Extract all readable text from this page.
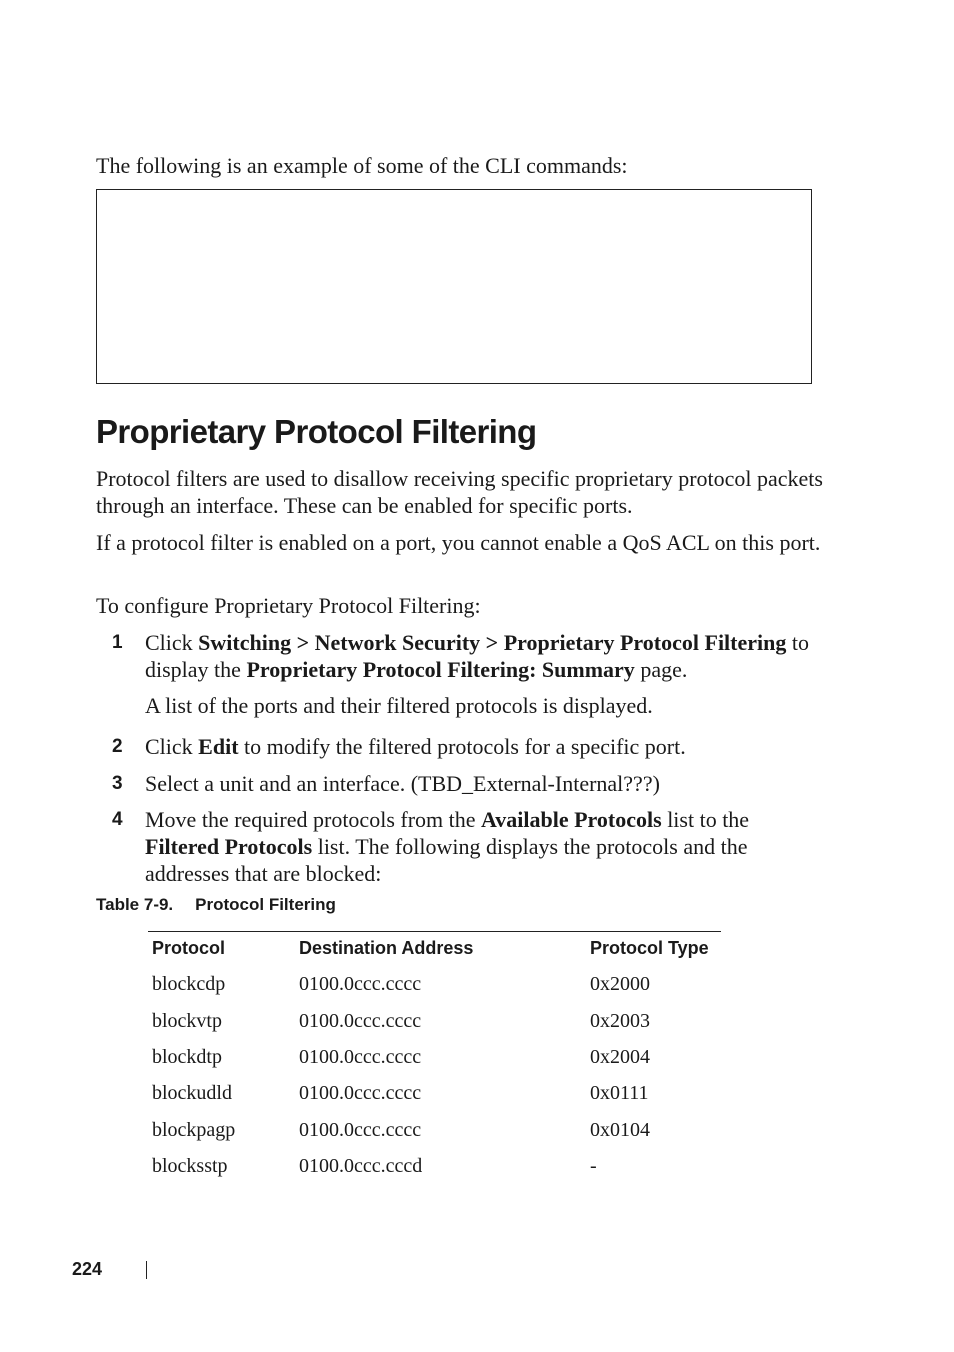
The following is an example of some of the CLI commands:
Proprietary Protocol Filtering

Protocol filters are used to disallow receiving specific proprietary protocol packets through an interface. These can be enabled for specific ports.

If a protocol filter is enabled on a port, you cannot enable a QoS ACL on this port.

To configure Proprietary Protocol Filtering:

1 Click Switching > Network Security > Proprietary Protocol Filtering to
display the Proprietary Protocol Filtering: Summary page.
A list of the ports and their filtered protocols is displayed.
2 Click Edit to modify the filtered protocols for a specific port.
3 Select a unit and an interface. (TBD_External-Internal???)
4 Move the required protocols from the Available Protocols list to the Filtered Protocols list. The following displays the protocols and the addresses that are blocked:

Table 7-9. Protocol Filtering
Protocol	Destination Address	Protocol Type
blockcdp	0100.0ccc.cccc	0x2000
blockvtp	0100.0ccc.cccc	0x2003
blockdtp	0100.0ccc.cccc	0x2004
blockudld	0100.0ccc.cccc	0x0111
blockpagp	0100.0ccc.cccc	0x0104
blocksstp	0100.0ccc.cccd	-
224
